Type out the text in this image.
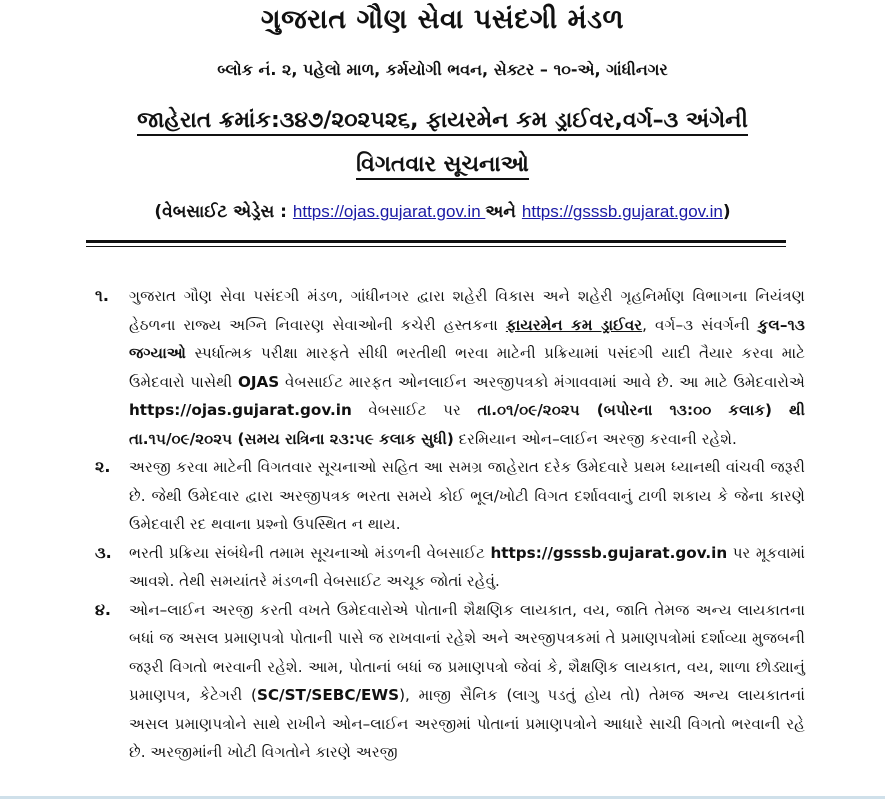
ગુજરાત ગૌણ સેવા પસંદગી મંડળ
બ્લોક નં. ૨, પહેલો માળ, કર્મયોગી ભવન, સેક્ટર – ૧૦-એ, ગાંધીનગર
જાહેરાત ક્રમાંક:૩૪૭/૨૦૨૫૨૬, ફાયરમેન કમ ડ્રાઈવર,વર્ગ–૩ અંગેની
વિગતવાર સૂચનાઓ
(વેબસાઈટ એડ્રેસ : https://ojas.gujarat.gov.in અને https://gsssb.gujarat.gov.in)
૧.	ગુજરાત ગૌણ સેવા પસંદગી મંડળ, ગાંધીનગર દ્વારા શહેરી વિકાસ અને શહેરી ગૃહનિર્માણ વિભાગના નિયંત્રણ હેઠળના રાજ્ય અગ્નિ નિવારણ સેવાઓની કચેરી હસ્તકના ફાયરમેન કમ ડ્રાઈવર, વર્ગ–૩ સંવર્ગની કુલ–૧૩ જગ્યાઓ સ્પર્ધાત્મક પરીક્ષા મારફતે સીધી ભરતીથી ભરવા માટેની પ્રક્રિયામાં પસંદગી યાદી તૈયાર કરવા માટે ઉમેદવારો પાસેથી OJAS વેબસાઈટ મારફત ઓનલાઈન અરજીપત્રકો મંગાવવામાં આવે છે. આ માટે ઉમેદવારોએ https://ojas.gujarat.gov.in વેબસાઈટ પર તા.૦૧/૦૯/૨૦૨૫ (બપોરના ૧૩:૦૦ કલાક) થી તા.૧૫/૦૯/૨૦૨૫ (સમય રાત્રિના ૨૩:૫૯ કલાક સુધી) દરમિયાન ઓન–લાઈન અરજી કરવાની રહેશે.
૨.	અરજી કરવા માટેની વિગતવાર સૂચનાઓ સહિત આ સમગ્ર જાહેરાત દરેક ઉમેદવારે પ્રથમ ધ્યાનથી વાંચવી જરૂરી છે. જેથી ઉમેદવાર દ્વારા અરજીપત્રક ભરતા સમયે કોઈ ભૂલ/ખોટી વિગત દર્શાવવાનું ટાળી શકાય કે જેના કારણે ઉમેદવારી રદ થવાના પ્રશ્નો ઉપસ્થિત ન થાય.
૩.	ભરતી પ્રક્રિયા સંબંધેની તમામ સૂચનાઓ મંડળની વેબસાઈટ https://gsssb.gujarat.gov.in પર મૂકવામાં આવશે. તેથી સમયાંતરે મંડળની વેબસાઈટ અચૂક જોતાં રહેવું.
૪.	ઓન–લાઈન અરજી કરતી વખતે ઉમેદવારોએ પોતાની શૈક્ષણિક લાયકાત, વય, જાતિ તેમજ અન્ય લાયકાતના બધાં જ અસલ પ્રમાણપત્રો પોતાની પાસે જ રાખવાનાં રહેશે અને અરજીપત્રકમાં તે પ્રમાણપત્રોમાં દર્શાવ્યા મુજબની જરૂરી વિગતો ભરવાની રહેશે. આમ, પોતાનાં બધાં જ પ્રમાણપત્રો જેવાં કે, શૈક્ષણિક લાયકાત, વય, શાળા છોડ્યાનું પ્રમાણપત્ર, કેટેગરી (SC/ST/SEBC/EWS), માજી સૈનિક (લાગુ પડતું હોય તો) તેમજ અન્ય લાયકાતનાં અસલ પ્રમાણપત્રોને સાથે રાખીને ઓન–લાઈન અરજીમાં પોતાનાં પ્રમાણપત્રોને આધારે સાચી વિગતો ભરવાની રહે છે. અરજીમાંની ખોટી વિગતોને કારણે અરજી
